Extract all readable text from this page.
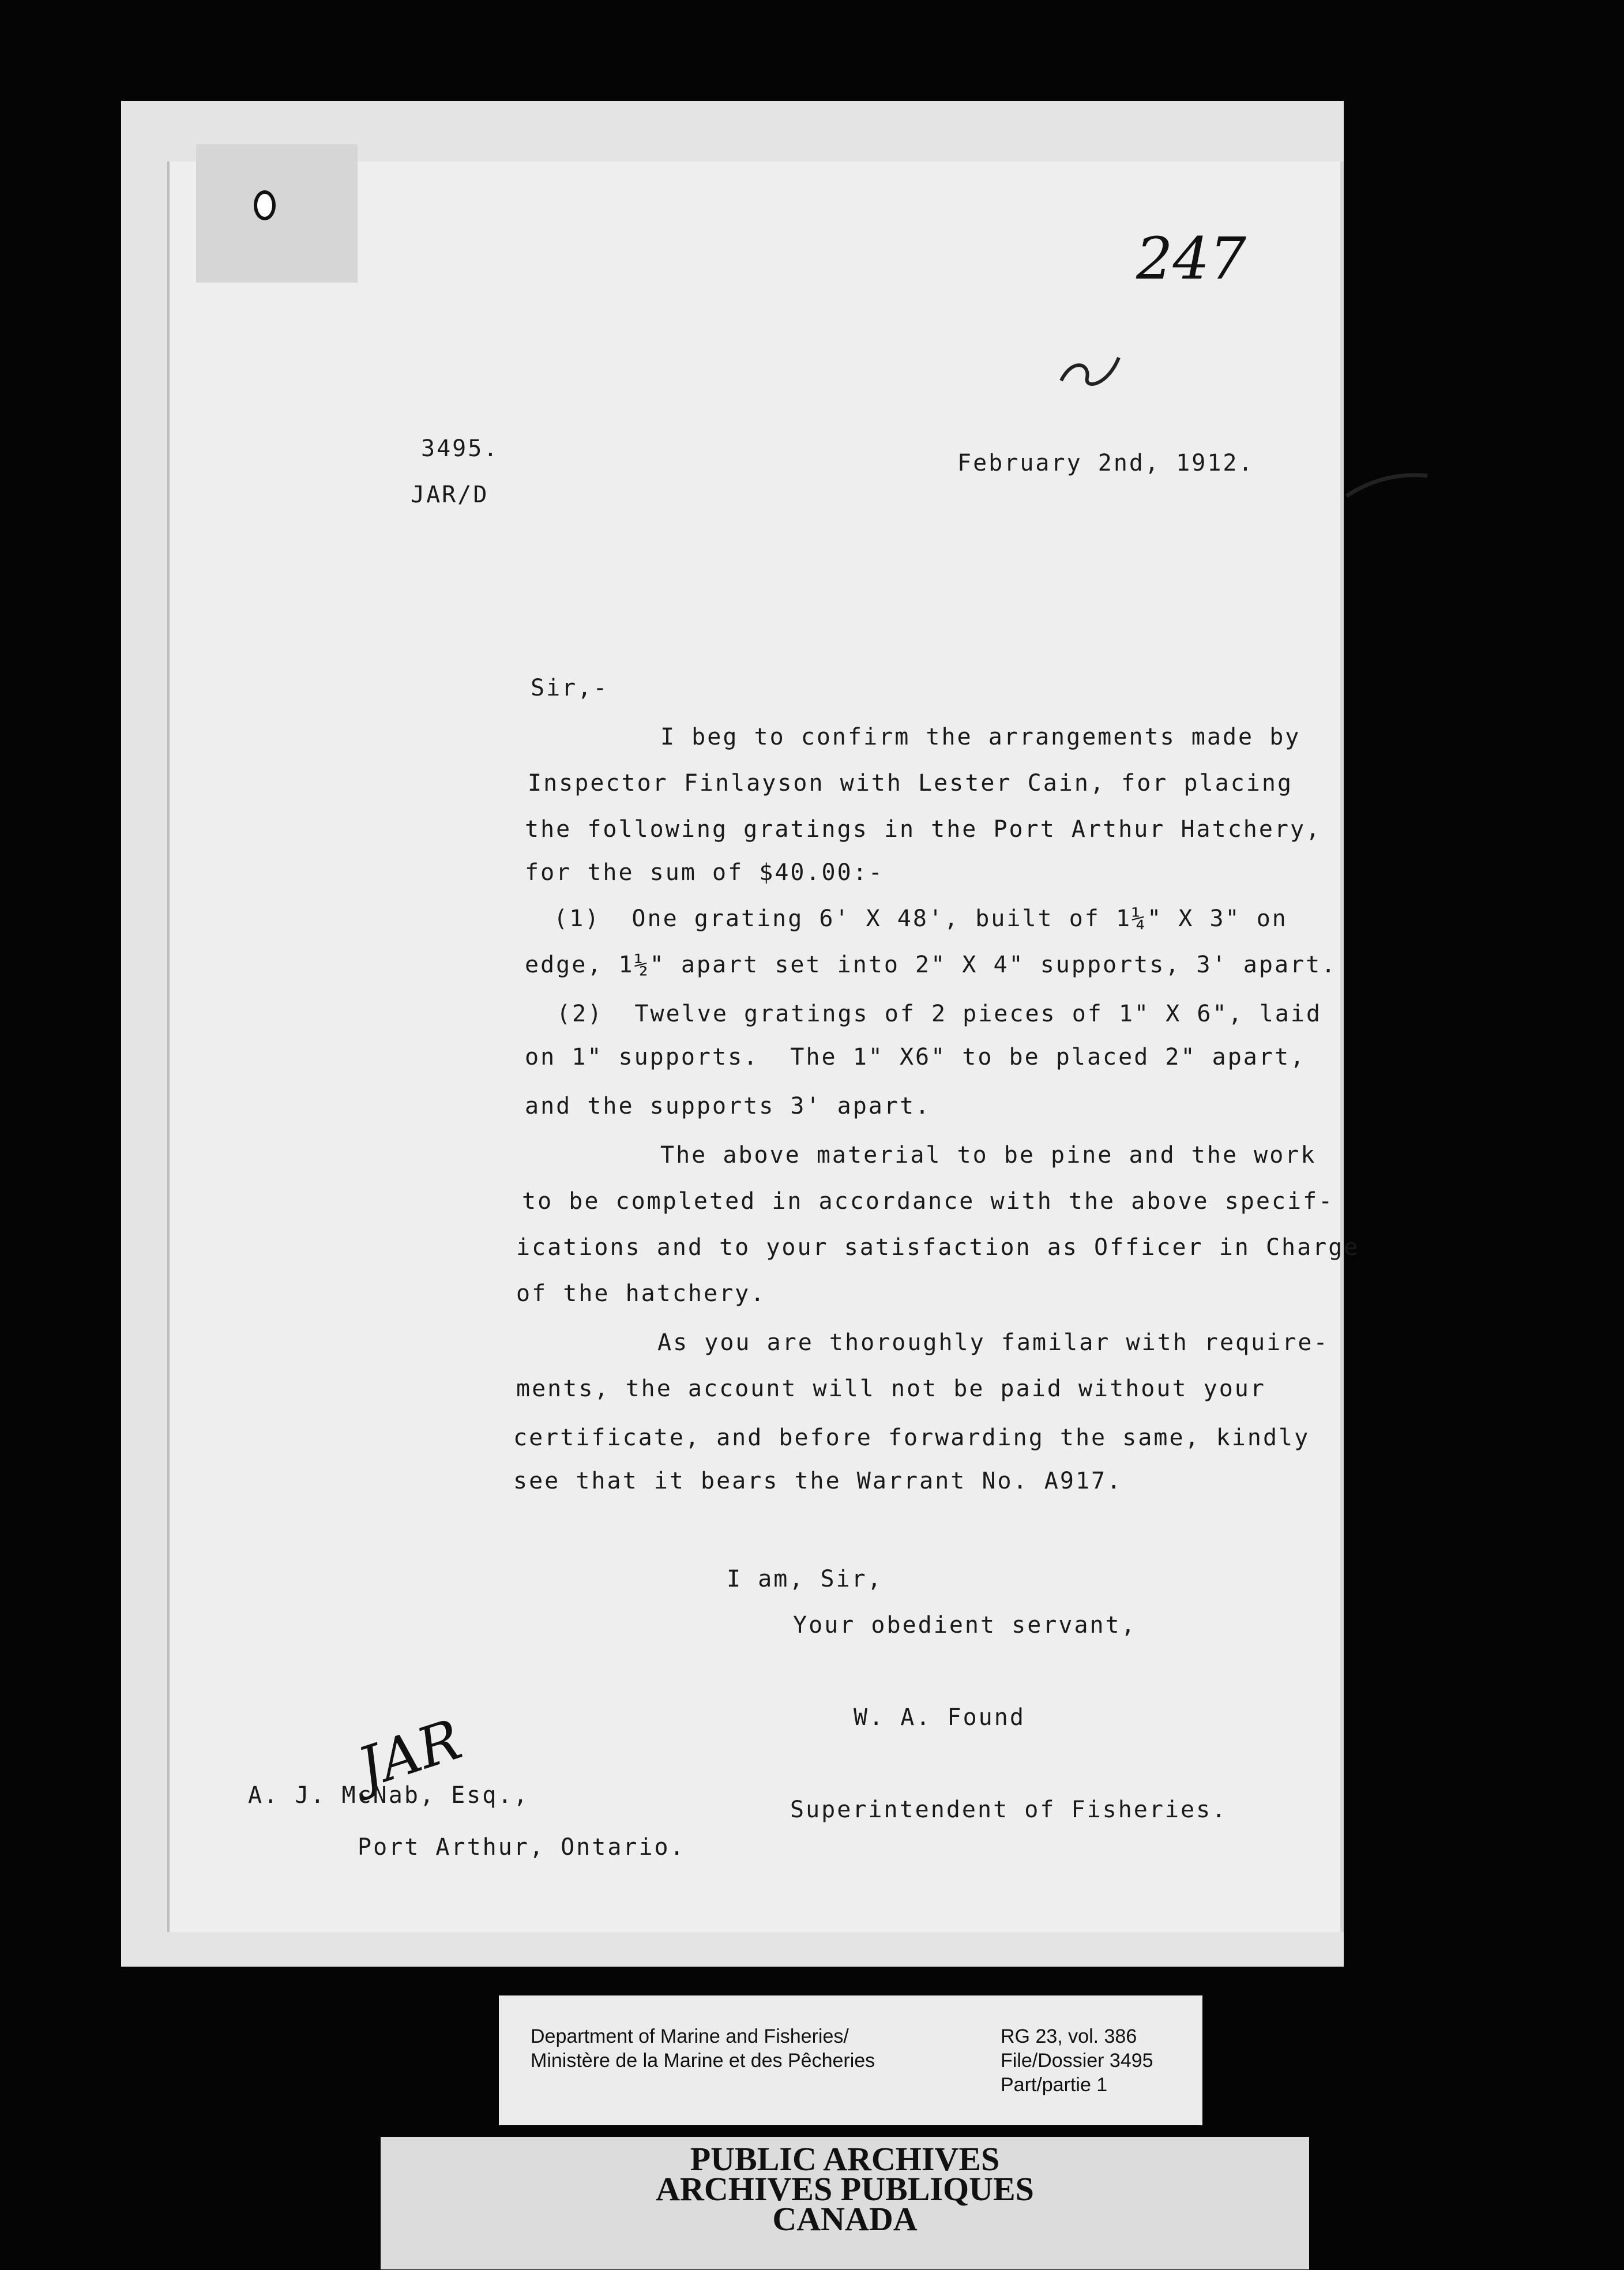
247
3495.
JAR/D
February 2nd, 1912.
Sir,-
I beg to confirm the arrangements made by
Inspector Finlayson with Lester Cain, for placing
the following gratings in the Port Arthur Hatchery,
for the sum of $40.00:-
(1)  One grating 6' X 48', built of 1¼" X 3" on
edge, 1½" apart set into 2" X 4" supports, 3' apart.
(2)  Twelve gratings of 2 pieces of 1" X 6", laid
on 1" supports.  The 1" X6" to be placed 2" apart,
and the supports 3' apart.
The above material to be pine and the work
to be completed in accordance with the above specif-
ications and to your satisfaction as Officer in Charge
of the hatchery.
As you are thoroughly familar with require-
ments, the account will not be paid without your
certificate, and before forwarding the same, kindly
see that it bears the Warrant No. A917.
I am, Sir,
Your obedient servant,
W. A. Found
Superintendent of Fisheries.
JAR
A. J. McNab, Esq.,
Port Arthur, Ontario.
Department of Marine and Fisheries/
Ministère de la Marine et des Pêcheries
RG 23, vol. 386
File/Dossier 3495
Part/partie 1
PUBLIC ARCHIVES
ARCHIVES PUBLIQUES
CANADA
